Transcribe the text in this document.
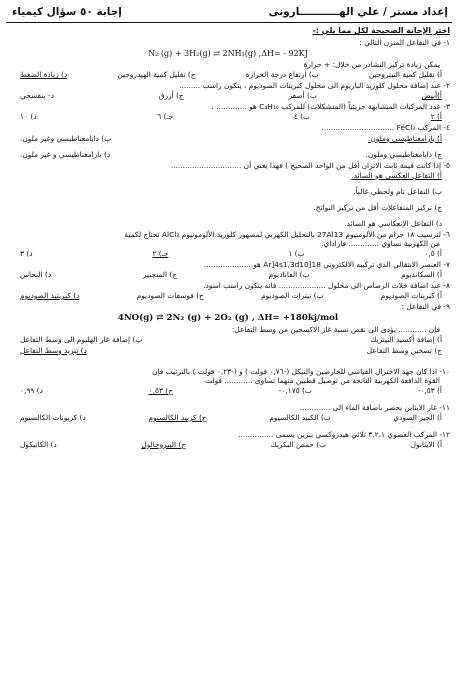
إعداد مستر / علي الهـــــــــــارونى
إجابة ٥٠ سؤال كيمياء
اختر الإجابة الصحيحة لكل مما يلي :-
١- في التفاعل المتزن التالي :
N₂ (g) + 3H₂(g) ⇄ 2NH₃(g) ,ΔH= - 92KJ
يمكن زيادة تركيز النشادر من خلال: + حرارة
أ) تقليل كمية النيتروجين
ب) ارتفاع درجة الحرارة
ج) تقليل كمية الهيدروجين
د) زيادة الضغط
٢- عند إضافة محلول كلوريد الباريوم الى محلول كبريتات الصوديوم ، يتكون راسب .........
أ)أبيض
ب) أصفر
ج) أزرق
د- بنفسجي
٣- عدد المركبات المتشابهة جزيئياً (المتشكلات) للمركب C₄H₁₀ هو ............. .
أ) ٢
ب) ٤
جـ) ٦
د) ١٠
٤- المركب FeCl₃ ...............................
أ) بارامغناطيسي وملون.
ب) دايامغناطيسي وغير ملون.
ج) دايامغناطيسي وملون.
د) بارامغناطيسي و غير ملون.
٥- إذا كانت قيمة ثابت الاتزان أقل من الواحد الصحيح ) فهذا يعني أن ..............................
أ) التفاعل العكسي هو السائد.
ب) التفاعل تام ولحظي غالباً.
ج) تركيز المتفاعلات أقل من تركيز النواتج.
د) التفاعل الإنعكاسي هو السائد.
٦- لترسيب ١٨ جرام من الألومنيوم 27Al13 بالتحليل الكهربي لمصهور كلوريد الألومونيوم AlCl₃ تحتاج لكمية
من الكهربية تساوي ............. فاراداي.
أ) ٠,٥
ب) ١
جـ) ٢
د) ٣
٧- العنصر الانتقالي الذي تركيبه الالكتروني Ar]4s1,3d10]18 هو.....................
أ) السكانديوم
ب) الفاناديوم
ج) المنجنيز
د) النحاس
٨- عند اضافة خلات الرصاص الى محلول .................... فانه يتكون راسب اسود.
أ) كبريتات الصوديوم
ب) نيترات الصوديوم
ج) فوسفات الصوديوم
د) كبريتيد الصوديوم
٩- في التفاعل :
4NO(g) ⇄ 2N₂ (g) + 2O₂ (g) , ΔH= +180kj/mol
فإن ............ يؤدى الى نقص نسبة غاز الاكسجين من وسط التفاعل:
أ) إضافة أكسيد النيتريك
ب) إضافة غاز الهليوم الى وسط التفاعل
ج) تسخين وسط التفاعل
د) تبريد وسط التفاعل
١٠- اذا كان جهد الاختزال القياسي للخارصين والنيكل (-٠,٧٦ فولت ) و (-٠,٢٣ فولت ) بالترتيب فإن
القوة الدافعة الكهربية الناتجة من توصيل قطبين منهما تساوى ............ فولت
أ) ٠,٥٣-
ب) ٠,١٧٥-
ج) ٠,٥٣
د) ٠,٩٩
١١- غاز الايثاين يحضر باضافة الماء الى .............
أ) الجير الصودي
ب) الكبيد الكالسيوم
ج) كربيد الكالسيوم
د) كربونات الكالسيوم
١٢- المركب العضوي ٣،٢،١ ثلاثي هيدروكسي بنزين يسمى ...............
أ) الايثانول
ب) حمض البكريك
ج) البيروجالول
د) الكاتيكول
